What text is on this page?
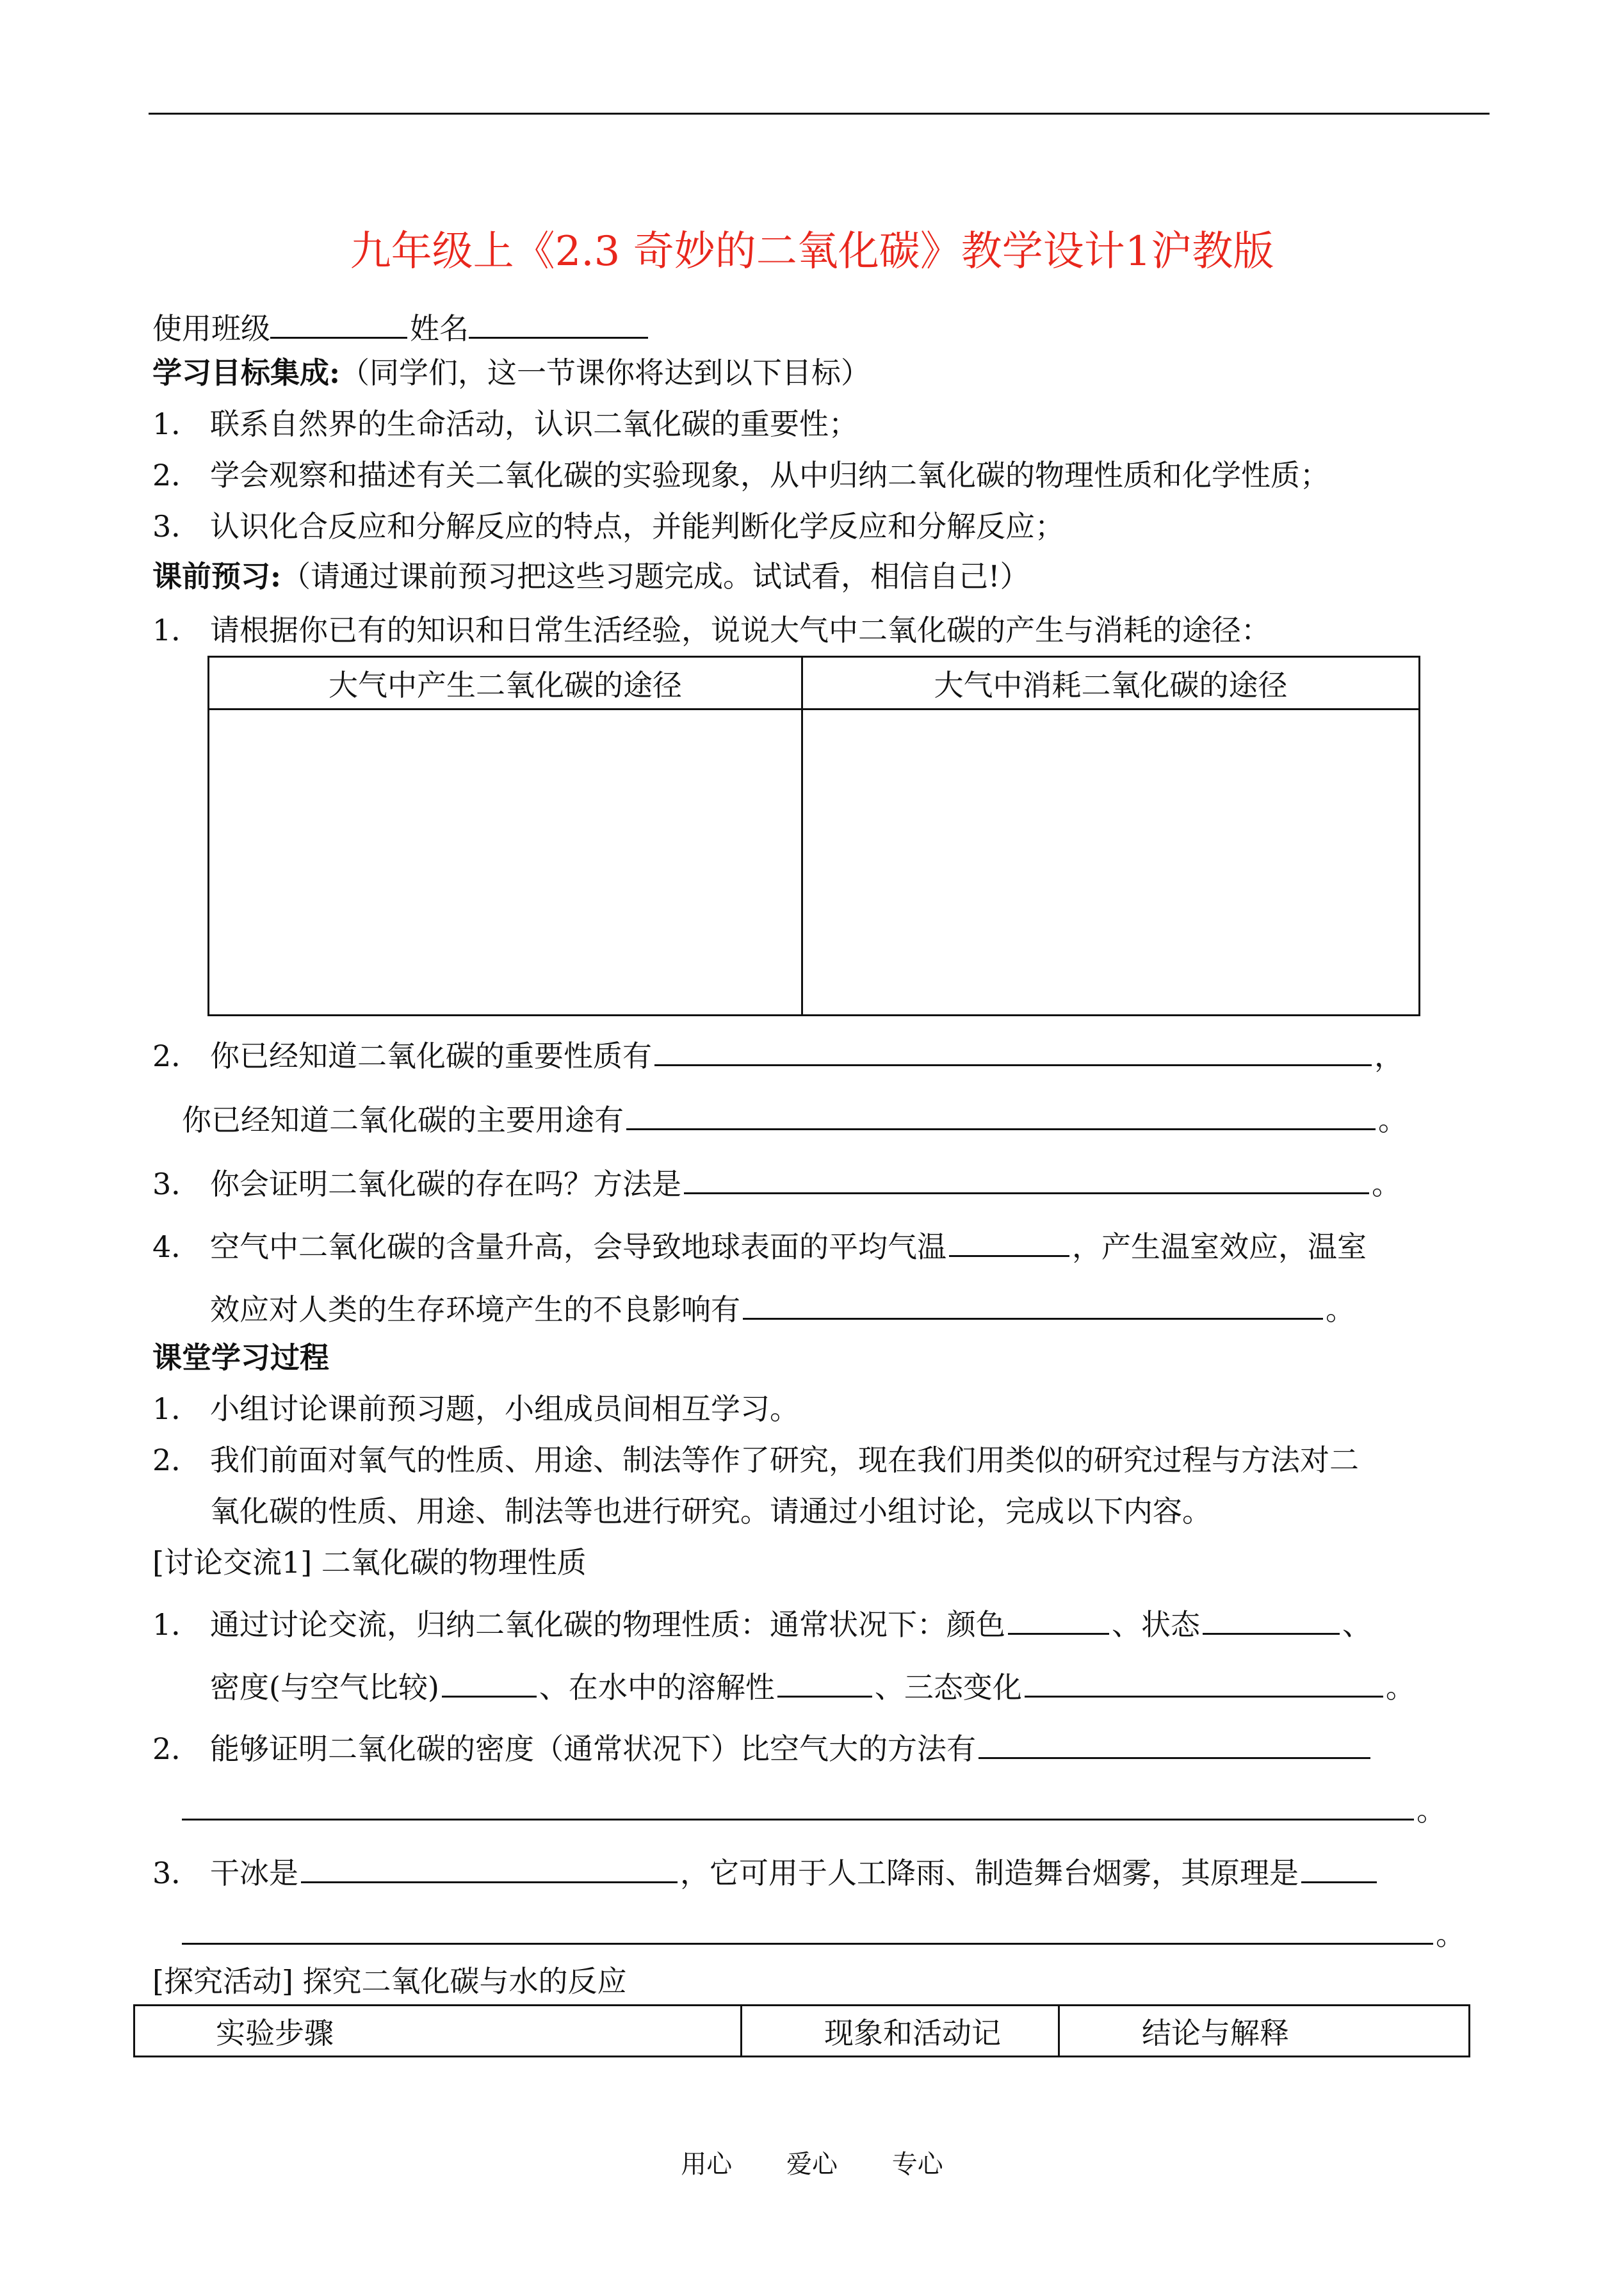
九年级上《2.3 奇妙的二氧化碳》教学设计1沪教版
使用班级	姓名
学习目标集成:（同学们，这一节课你将达到以下目标）
1． 联系自然界的生命活动，认识二氧化碳的重要性；
2． 学会观察和描述有关二氧化碳的实验现象，从中归纳二氧化碳的物理性质和化学性质；
3． 认识化合反应和分解反应的特点，并能判断化学反应和分解反应；
课前预习:（请通过课前预习把这些习题完成。试试看，相信自己!）
1． 请根据你已有的知识和日常生活经验，说说大气中二氧化碳的产生与消耗的途径：
大气中产生二氧化碳的途径	大气中消耗二氧化碳的途径

2． 你已经知道二氧化碳的重要性质有	，
你已经知道二氧化碳的主要用途有	。
3． 你会证明二氧化碳的存在吗？方法是	。
4． 空气中二氧化碳的含量升高，会导致地球表面的平均气温	，产生温室效应，温室
效应对人类的生存环境产生的不良影响有	。
课堂学习过程
1． 小组讨论课前预习题，小组成员间相互学习。
2． 我们前面对氧气的性质、用途、制法等作了研究，现在我们用类似的研究过程与方法对二
氧化碳的性质、用途、制法等也进行研究。请通过小组讨论，完成以下内容。
[讨论交流1] 二氧化碳的物理性质
1． 通过讨论交流，归纳二氧化碳的物理性质：通常状况下：颜色	、状态	、
密度(与空气比较)	、在水中的溶解性	、三态变化	。
2． 能够证明二氧化碳的密度（通常状况下）比空气大的方法有
。
3． 干冰是	，它可用于人工降雨、制造舞台烟雾，其原理是
。
[探究活动] 探究二氧化碳与水的反应
实验步骤	现象和活动记	结论与解释
用心 爱心 专心
